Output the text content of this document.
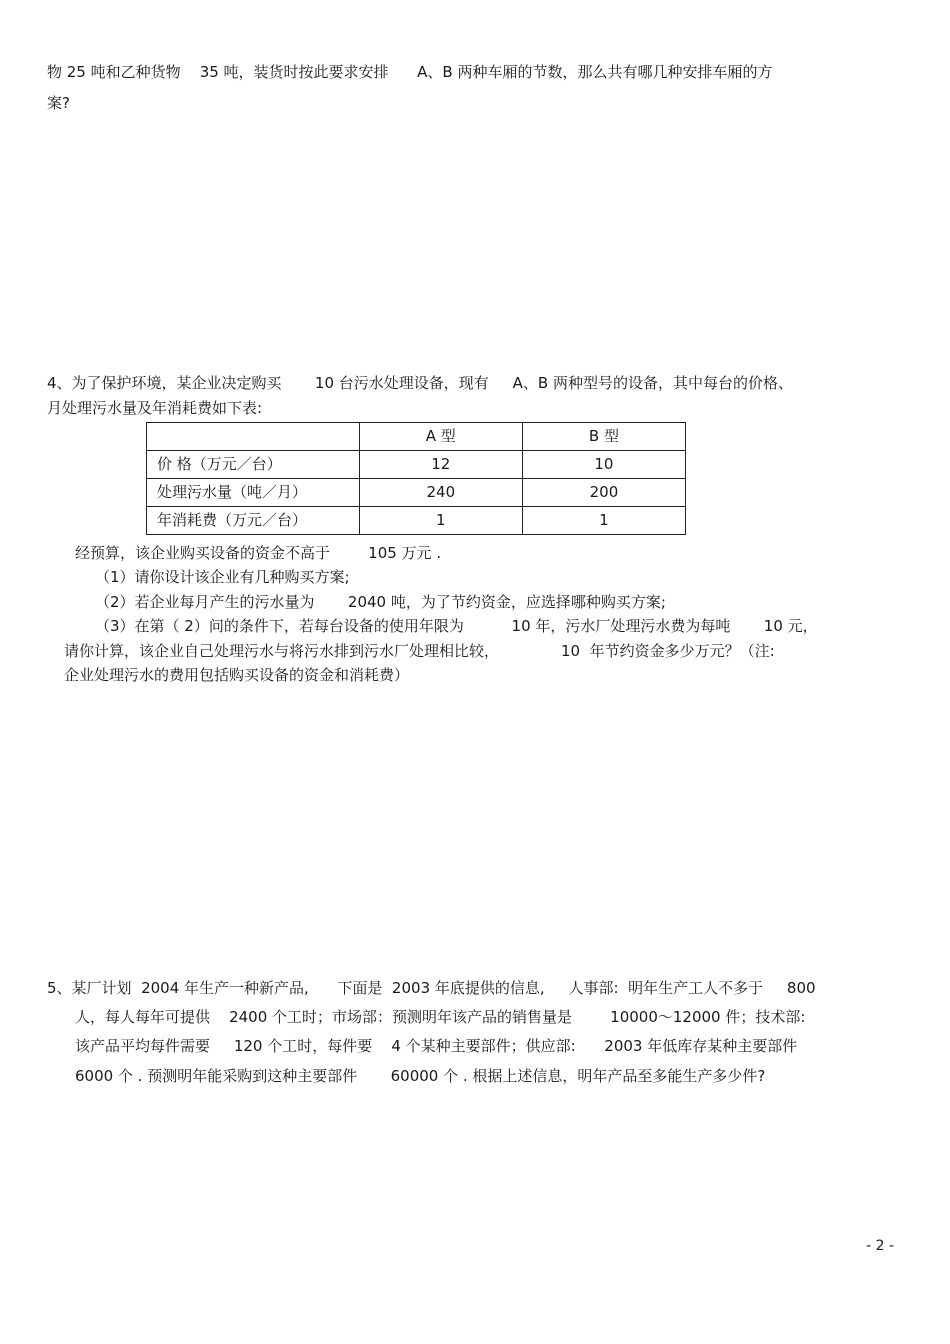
物 25 吨和乙种货物    35 吨，装货时按此要求安排      A、B 两种车厢的节数，那么共有哪几种安排车厢的方
案?
4、为了保护环境，某企业决定购买       10 台污水处理设备，现有     A、B 两种型号的设备，其中每台的价格、
月处理污水量及年消耗费如下表:
	A 型	B 型
价 格（万元／台）	12	10
处理污水量（吨／月）	240	200
年消耗费（万元／台）	1	1
经预算，该企业购买设备的资金不高于        105 万元 .
（1）请你设计该企业有几种购买方案;
（2）若企业每月产生的污水量为       2040 吨，为了节约资金，应选择哪种购买方案;
（3）在第（ 2）问的条件下，若每台设备的使用年限为          10 年，污水厂处理污水费为每吨       10 元，
请你计算，该企业自己处理污水与将污水排到污水厂处理相比较，             10  年节约资金多少万元？（注:
企业处理污水的费用包括购买设备的资金和消耗费）
5、某厂计划  2004 年生产一种新产品,      下面是  2003 年底提供的信息,     人事部:  明年生产工人不多于     800
人，每人每年可提供    2400 个工时；市场部：预测明年该产品的销售量是        10000～12000 件；技术部:
该产品平均每件需要     120 个工时，每件要    4 个某种主要部件；供应部:      2003 年低库存某种主要部件
6000 个 . 预测明年能采购到这种主要部件       60000 个 . 根据上述信息，明年产品至多能生产多少件?
- 2 -
